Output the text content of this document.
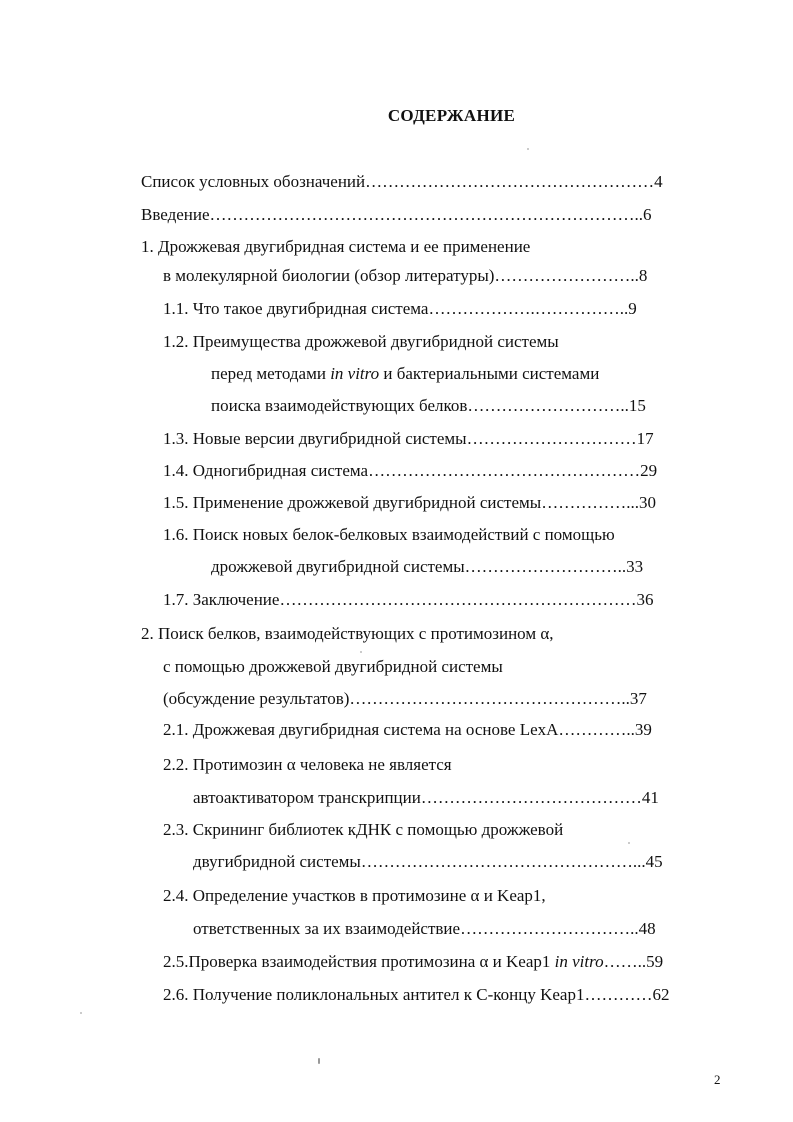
СОДЕРЖАНИЕ
Список условных обозначений……………………………………………4
Введение…………………………………………………………………..6
1. Дрожжевая двугибридная система и ее применение
в молекулярной биологии (обзор литературы)……………………..8
1.1. Что такое двугибридная система……………….……………..9
1.2. Преимущества дрожжевой двугибридной системы
перед методами in vitro и бактериальными системами
поиска взаимодействующих белков………………………..15
1.3. Новые версии двугибридной системы…………………………17
1.4. Одногибридная система…………………………………………29
1.5. Применение дрожжевой двугибридной системы……………...30
1.6. Поиск новых белок-белковых взаимодействий с помощью
дрожжевой двугибридной системы………………………..33
1.7. Заключение………………………………………………………36
2. Поиск белков, взаимодействующих с протимозином α,
с помощью дрожжевой двугибридной системы
(обсуждение результатов)…………………………………………..37
2.1. Дрожжевая двугибридная система на основе LexA…………..39
2.2. Протимозин α человека не является
автоактиватором транскрипции…………………………………41
2.3. Скрининг библиотек кДНК с помощью дрожжевой
двугибридной системы…………………………………………...45
2.4. Определение участков в протимозине α и Keap1,
ответственных за их взаимодействие…………………………..48
2.5.Проверка взаимодействия протимозина α и Keap1 in vitro……..59
2.6. Получение поликлональных антител к С-концу Keap1…………62
2
